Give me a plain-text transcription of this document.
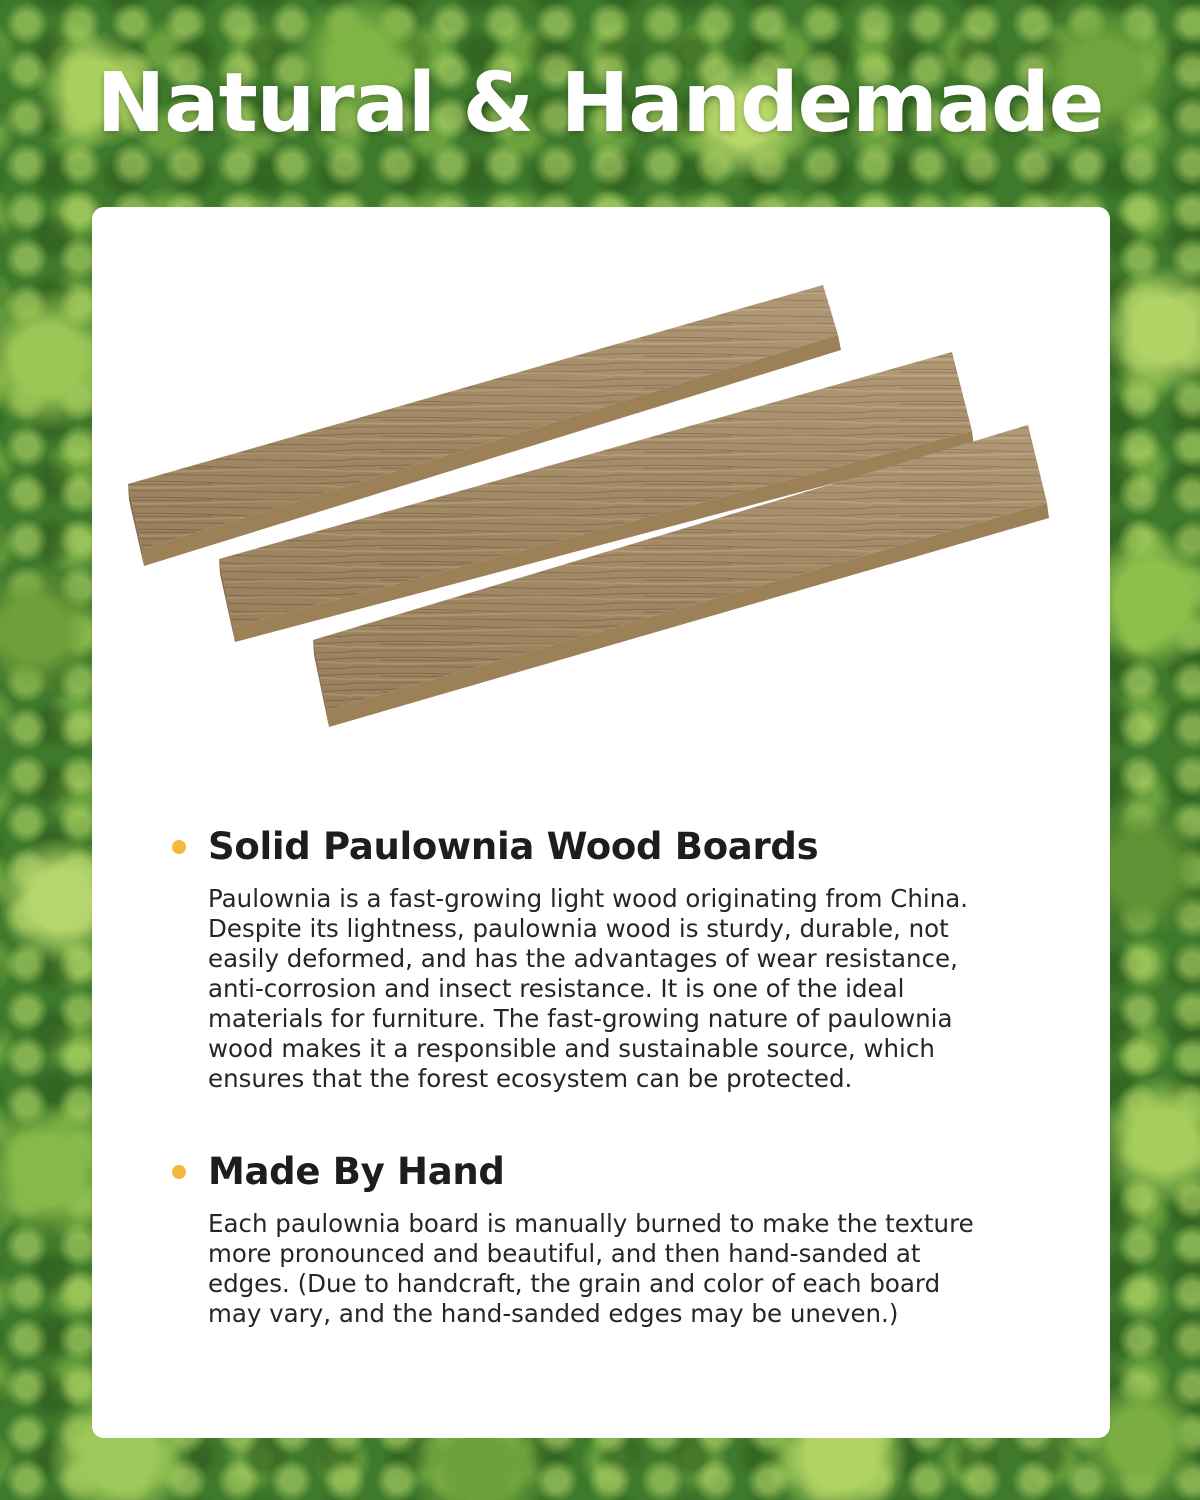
Natural & Handemade
Solid Paulownia Wood Boards

Paulownia is a fast-growing light wood originating from China. Despite its lightness, paulownia wood is sturdy, durable, not easily deformed, and has the advantages of wear resistance, anti-corrosion and insect resistance. It is one of the ideal materials for furniture. The fast-growing nature of paulownia wood makes it a responsible and sustainable source, which ensures that the forest ecosystem can be protected.

Made By Hand

Each paulownia board is manually burned to make the texture more pronounced and beautiful, and then hand-sanded at edges. (Due to handcraft, the grain and color of each board may vary, and the hand-sanded edges may be uneven.)
